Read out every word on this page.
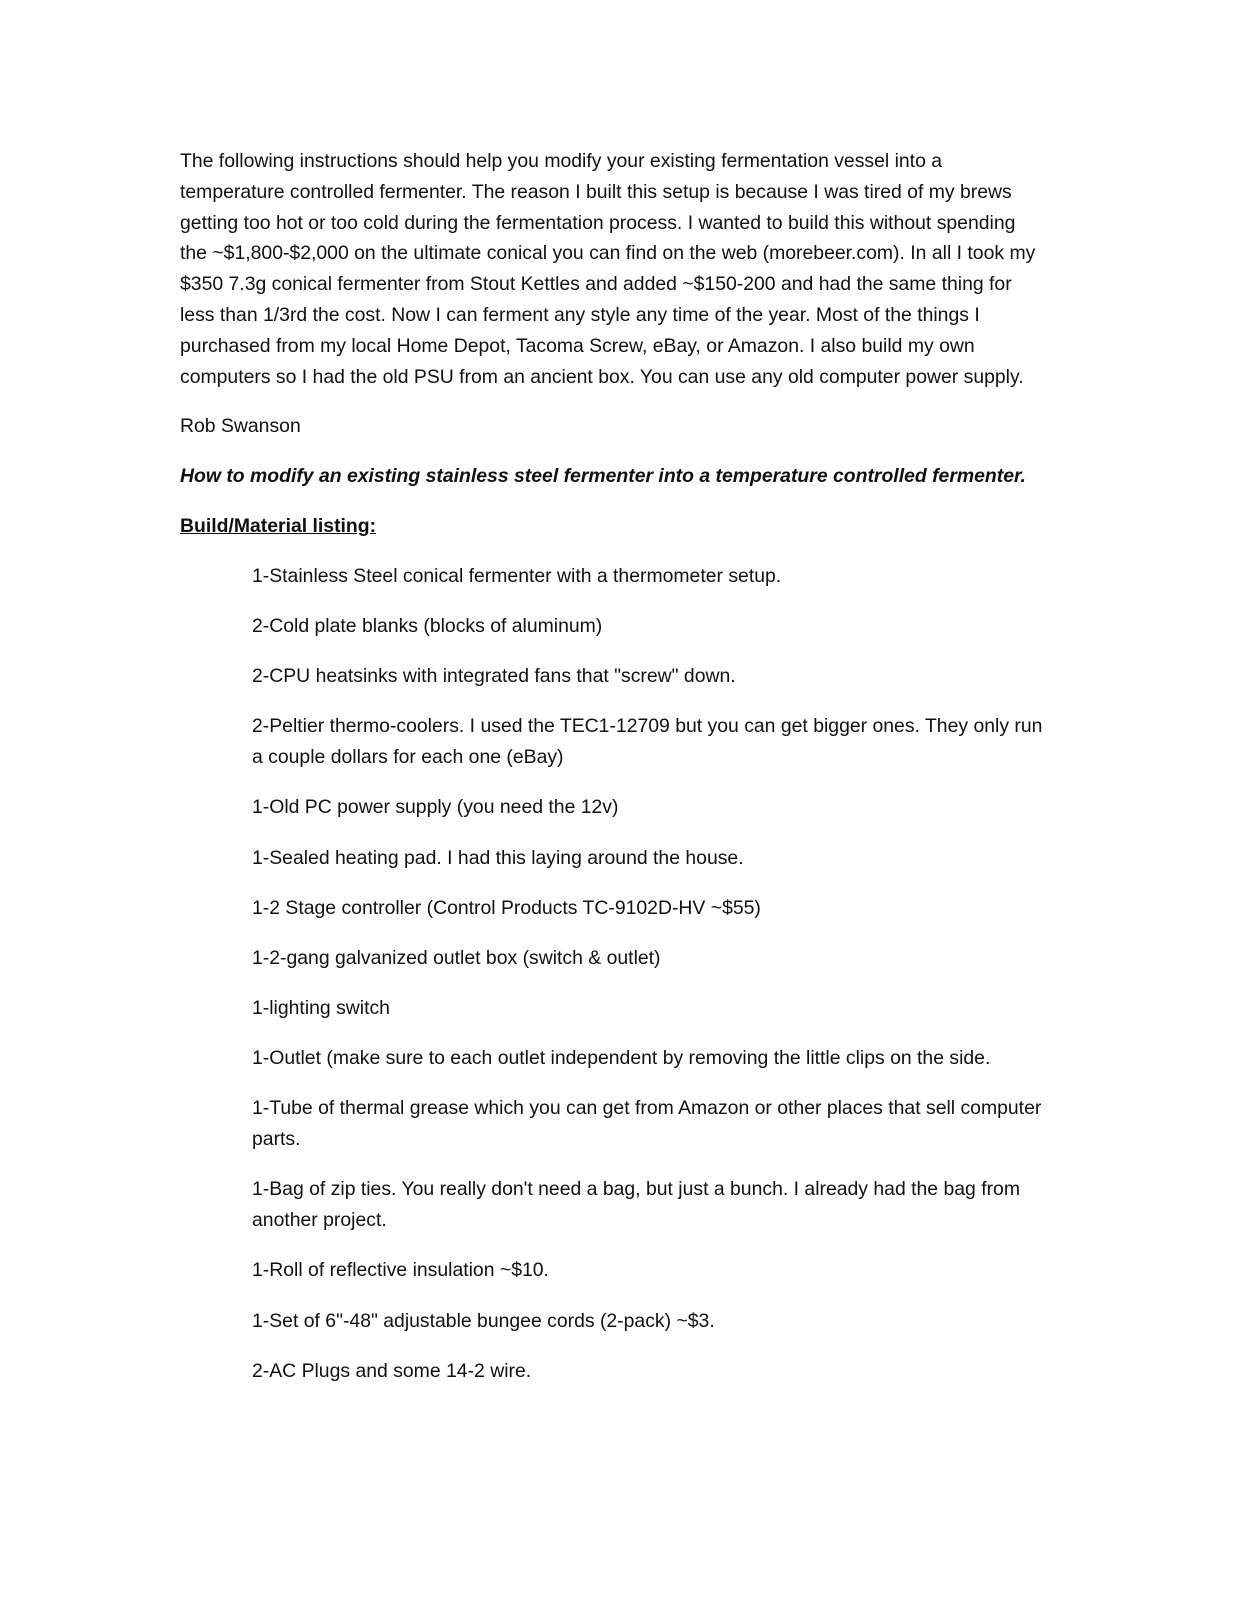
The following instructions should help you modify your existing fermentation vessel into a temperature controlled fermenter. The reason I built this setup is because I was tired of my brews getting too hot or too cold during the fermentation process. I wanted to build this without spending the ~$1,800-$2,000 on the ultimate conical you can find on the web (morebeer.com). In all I took my $350 7.3g conical fermenter from Stout Kettles and added ~$150-200 and had the same thing for less than 1/3rd the cost. Now I can ferment any style any time of the year. Most of the things I purchased from my local Home Depot, Tacoma Screw, eBay, or Amazon. I also build my own computers so I had the old PSU from an ancient box. You can use any old computer power supply.

Rob Swanson

How to modify an existing stainless steel fermenter into a temperature controlled fermenter.

Build/Material listing:

1-Stainless Steel conical fermenter with a thermometer setup.
2-Cold plate blanks (blocks of aluminum)
2-CPU heatsinks with integrated fans that "screw" down.
2-Peltier thermo-coolers. I used the TEC1-12709 but you can get bigger ones. They only run a couple dollars for each one (eBay)
1-Old PC power supply (you need the 12v)
1-Sealed heating pad. I had this laying around the house.
1-2 Stage controller (Control Products TC-9102D-HV ~$55)
1-2-gang galvanized outlet box (switch & outlet)
1-lighting switch
1-Outlet (make sure to each outlet independent by removing the little clips on the side.
1-Tube of thermal grease which you can get from Amazon or other places that sell computer parts.
1-Bag of zip ties. You really don't need a bag, but just a bunch. I already had the bag from another project.
1-Roll of reflective insulation ~$10.
1-Set of 6"-48" adjustable bungee cords (2-pack) ~$3.
2-AC Plugs and some 14-2 wire.
